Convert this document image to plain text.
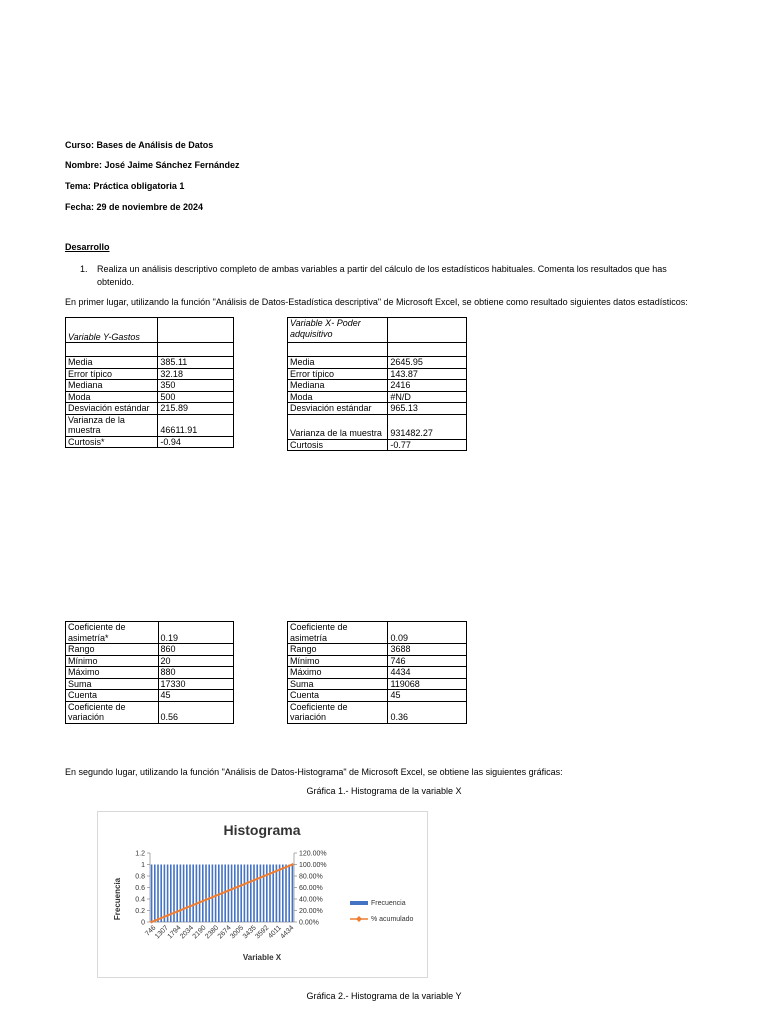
Curso: Bases de Análisis de Datos
Nombre: José Jaime Sánchez Fernández
Tema: Práctica obligatoria 1
Fecha: 29 de noviembre de 2024
Desarrollo
1. Realiza un análisis descriptivo completo de ambas variables a partir del cálculo de los estadísticos habituales. Comenta los resultados que has
obtenido.
En primer lugar, utilizando la función "Análisis de Datos-Estadística descriptiva" de Microsoft Excel, se obtiene como resultado siguientes datos estadísticos:
Variable Y-Gastos	

Media	385.11
Error típico	32.18
Mediana	350
Moda	500
Desviación estándar	215.89
Varianza de la muestra	46611.91
Curtosis*	-0.94
Variable X- Poder adquisitivo	

Media	2645.95
Error típico	143.87
Mediana	2416
Moda	#N/D
Desviación estándar	965.13
Varianza de la muestra	931482.27
Curtosis	-0.77
Coeficiente de asimetría*	0.19
Rango	860
Mínimo	20
Máximo	880
Suma	17330
Cuenta	45
Coeficiente de variación	0.56
Coeficiente de asimetría	0.09
Rango	3688
Mínimo	746
Máximo	4434
Suma	119068
Cuenta	45
Coeficiente de variación	0.36
En segundo lugar, utilizando la función "Análisis de Datos-Histograma" de Microsoft Excel, se obtiene las siguientes gráficas:
Gráfica 1.- Histograma de la variable X
Histograma
0
0.2
0.4
0.6
0.8
1
1.2
0.00%
20.00%
40.00%
60.00%
80.00%
100.00%
120.00%
746
1307
1794
2034
2190
2380
2674
3005
3435
3592
4011
4434
Variable X
Frecuencia	Frecuencia
% acumulado
Gráfica 2.- Histograma de la variable Y
